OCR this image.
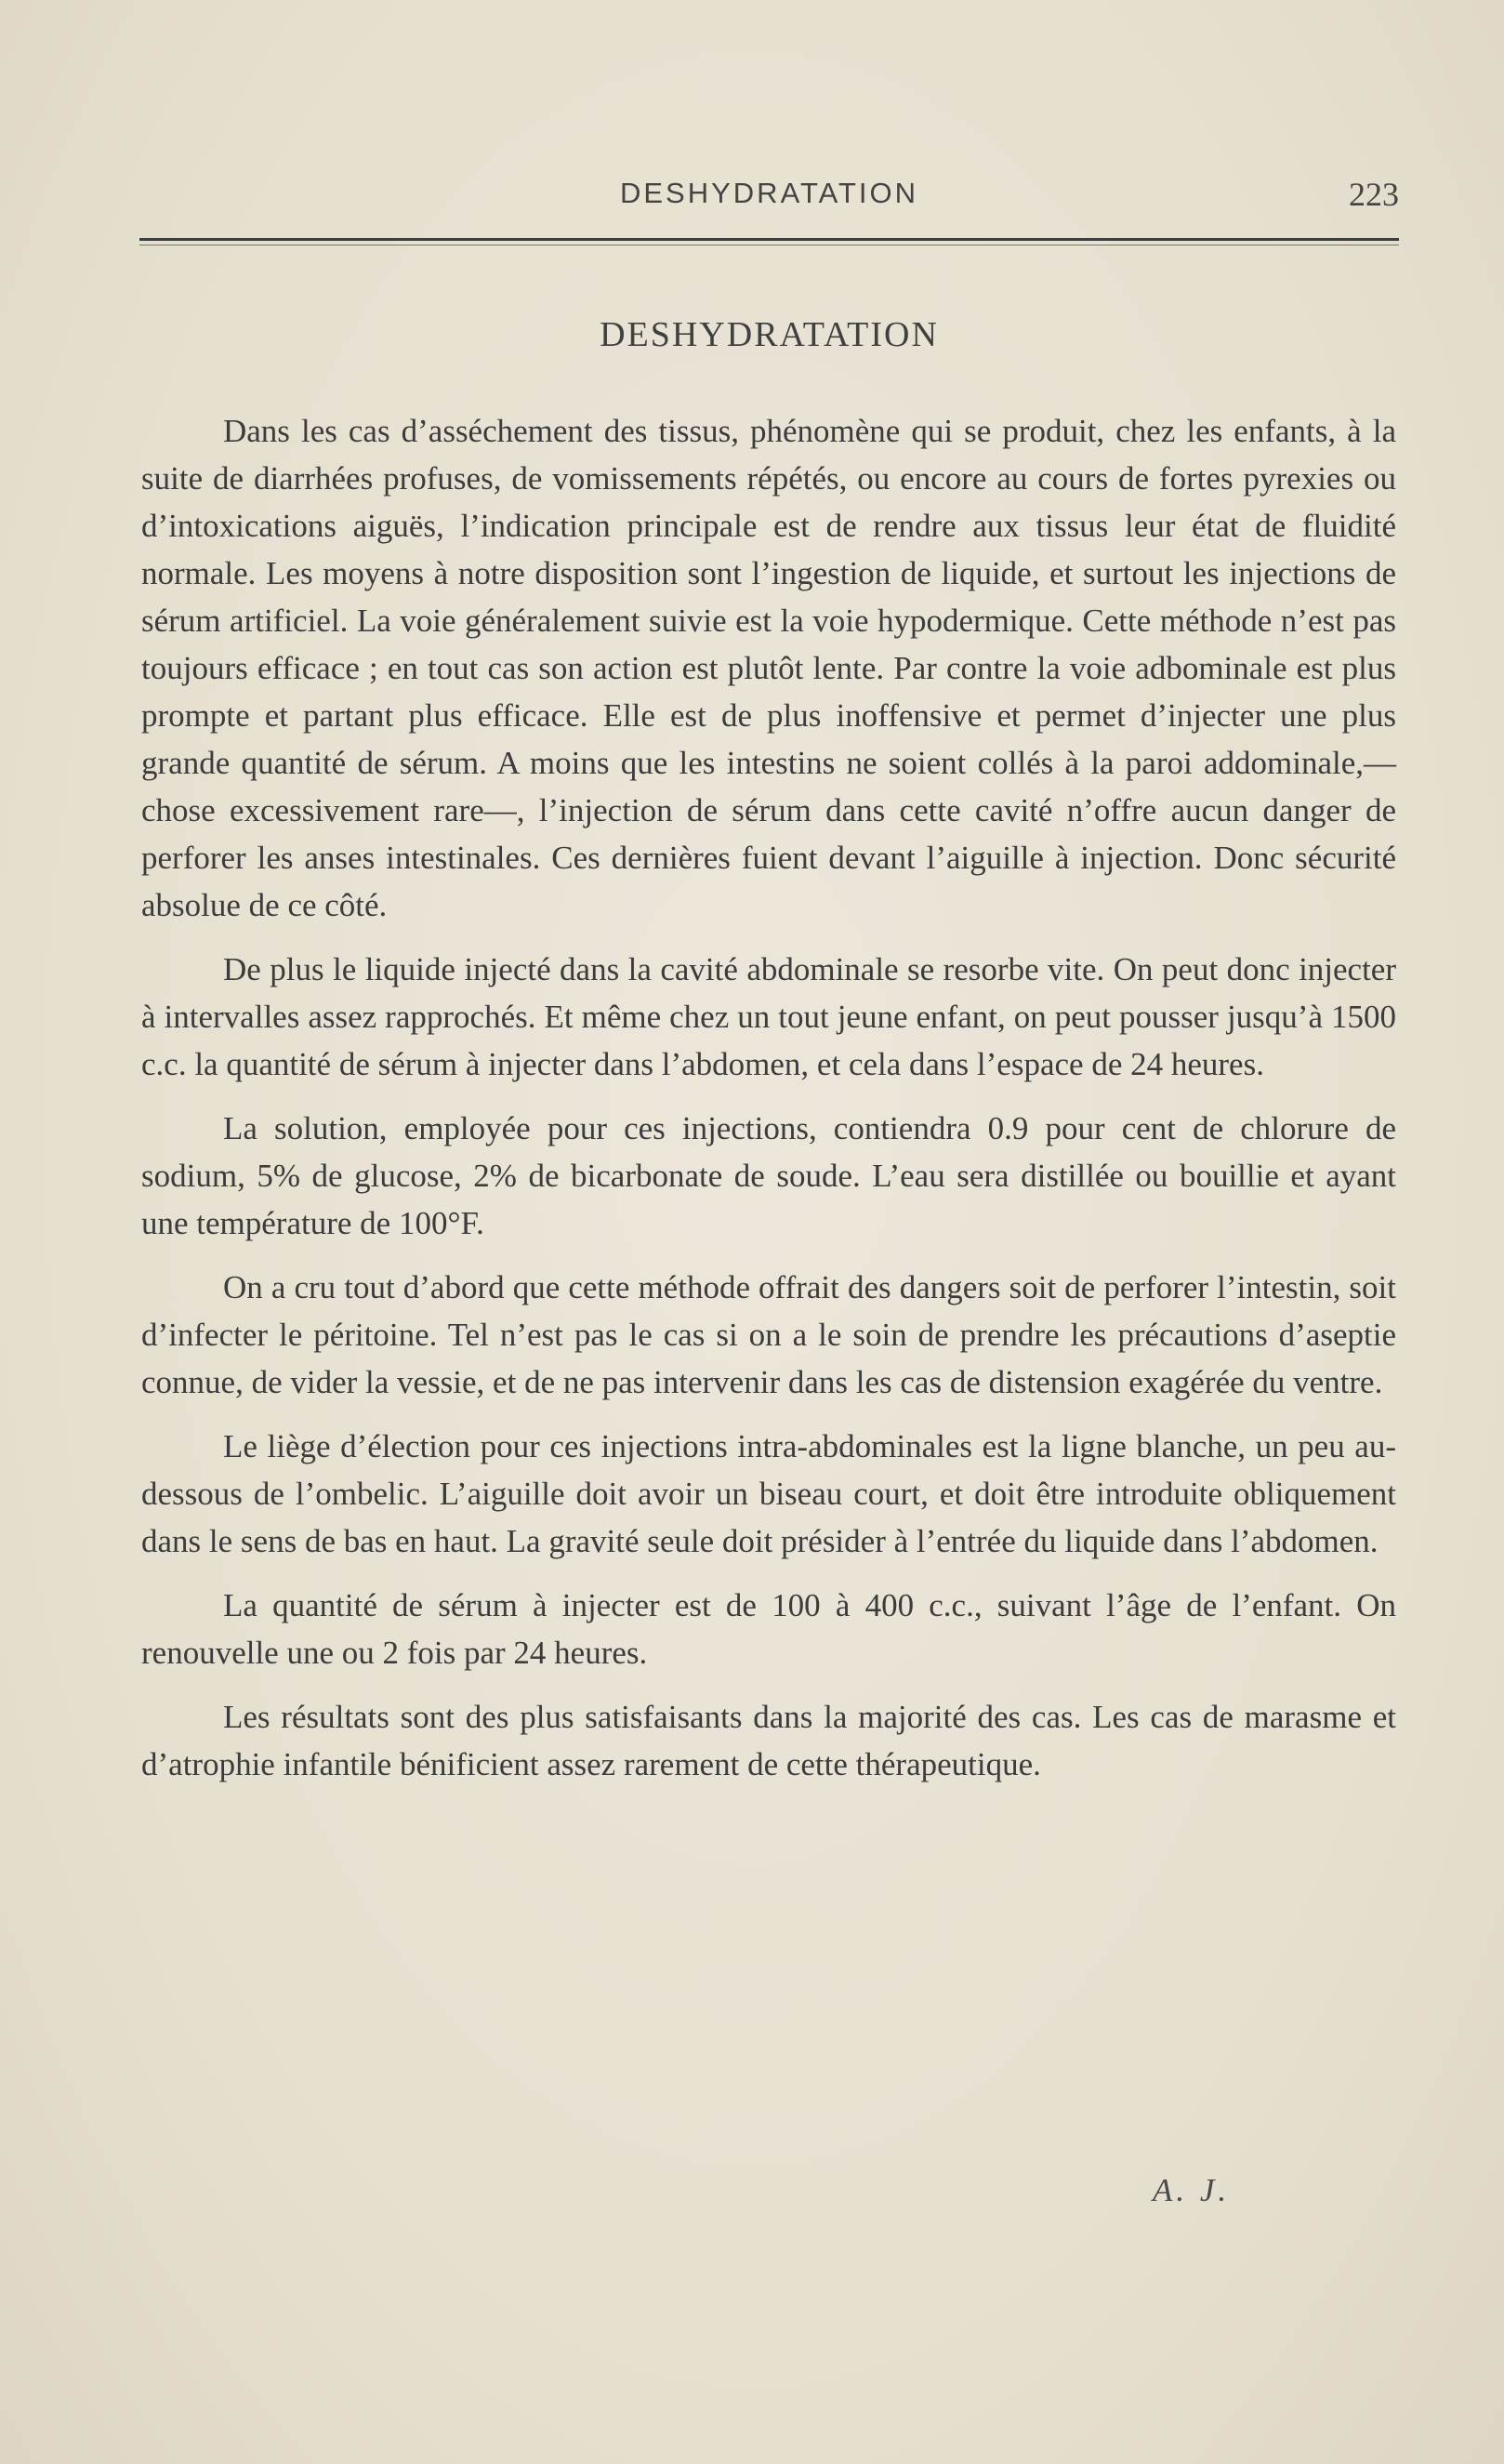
DESHYDRATATION	223
DESHYDRATATION

Dans les cas d’asséchement des tissus, phénomène qui se produit, chez les enfants, à la suite de diarrhées profuses, de vomissements répétés, ou encore au cours de fortes pyrexies ou d’intoxications aiguës, l’indication principale est de rendre aux tissus leur état de fluidité normale. Les moyens à notre disposition sont l’ingestion de liquide, et surtout les injections de sérum artificiel. La voie généralement suivie est la voie hypodermique. Cette méthode n’est pas toujours efficace ; en tout cas son action est plutôt lente. Par contre la voie adbominale est plus prompte et partant plus efficace. Elle est de plus inoffensive et permet d’injecter une plus grande quantité de sérum. A moins que les intestins ne soient collés à la paroi addominale,—chose excessivement rare—, l’injection de sérum dans cette cavité n’offre aucun danger de perforer les anses intestinales. Ces dernières fuient devant l’aiguille à injection. Donc sécurité absolue de ce côté.

De plus le liquide injecté dans la cavité abdominale se resorbe vite. On peut donc injecter à intervalles assez rapprochés. Et même chez un tout jeune enfant, on peut pousser jusqu’à 1500 c.c. la quantité de sérum à injecter dans l’abdomen, et cela dans l’espace de 24 heures.

La solution, employée pour ces injections, contiendra 0.9 pour cent de chlorure de sodium, 5% de glucose, 2% de bicarbonate de soude. L’eau sera distillée ou bouillie et ayant une température de 100°F.

On a cru tout d’abord que cette méthode offrait des dangers soit de perforer l’intestin, soit d’infecter le péritoine. Tel n’est pas le cas si on a le soin de prendre les précautions d’aseptie connue, de vider la vessie, et de ne pas intervenir dans les cas de distension exagérée du ventre.

Le liège d’élection pour ces injections intra-abdominales est la ligne blanche, un peu au-dessous de l’ombelic. L’aiguille doit avoir un biseau court, et doit être introduite obliquement dans le sens de bas en haut. La gravité seule doit présider à l’entrée du liquide dans l’abdomen.

La quantité de sérum à injecter est de 100 à 400 c.c., suivant l’âge de l’enfant. On renouvelle une ou 2 fois par 24 heures.

Les résultats sont des plus satisfaisants dans la majorité des cas. Les cas de marasme et d’atrophie infantile bénificient assez rarement de cette thérapeutique.

A. J.
